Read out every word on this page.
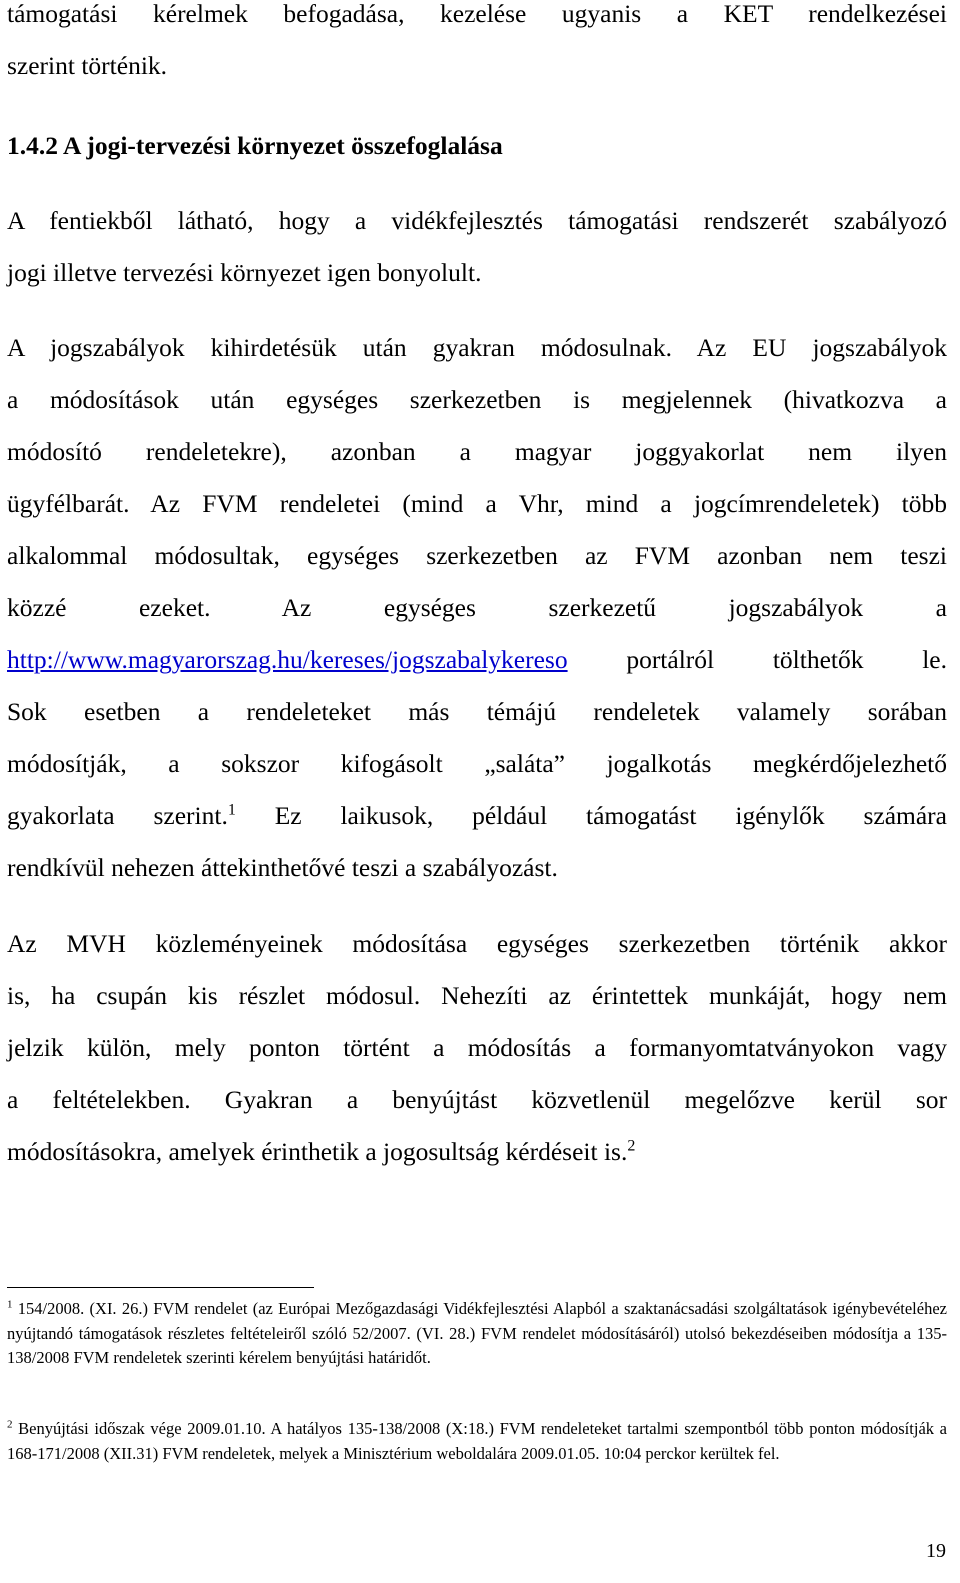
támogatási kérelmek befogadása, kezelése ugyanis a KET rendelkezései
szerint történik.
1.4.2 A jogi-tervezési környezet összefoglalása
A fentiekből látható, hogy a vidékfejlesztés támogatási rendszerét szabályozó
jogi illetve tervezési környezet igen bonyolult.
A jogszabályok kihirdetésük után gyakran módosulnak. Az EU jogszabályok
a módosítások után egységes szerkezetben is megjelennek (hivatkozva a
módosító rendeletekre), azonban a magyar joggyakorlat nem ilyen
ügyfélbarát. Az FVM rendeletei (mind a Vhr, mind a jogcímrendeletek) több
alkalommal módosultak, egységes szerkezetben az FVM azonban nem teszi
közzé ezeket. Az egységes szerkezetű jogszabályok a
http://www.magyarorszag.hu/kereses/jogszabalykereso portálról tölthetők le.
Sok esetben a rendeleteket más témájú rendeletek valamely sorában
módosítják, a sokszor kifogásolt „saláta” jogalkotás megkérdőjelezhető
gyakorlata szerint.$^1$ Ez laikusok, például támogatást igénylők számára
rendkívül nehezen áttekinthetővé teszi a szabályozást.
Az MVH közleményeinek módosítása egységes szerkezetben történik akkor
is, ha csupán kis részlet módosul. Nehezíti az érintettek munkáját, hogy nem
jelzik külön, mely ponton történt a módosítás a formanyomtatványokon vagy
a feltételekben. Gyakran a benyújtást közvetlenül megelőzve kerül sor
módosításokra, amelyek érinthetik a jogosultság kérdéseit is.$^2$
$^1$ 154/2008. (XI. 26.) FVM rendelet (az Európai Mezőgazdasági Vidékfejlesztési Alapból a szaktanácsadási szolgáltatások igénybevételéhez nyújtandó támogatások részletes feltételeiről szóló 52/2007. (VI. 28.) FVM rendelet módosításáról) utolsó bekezdéseiben módosítja a 135-138/2008 FVM rendeletek szerinti kérelem benyújtási határidőt.
$^2$ Benyújtási időszak vége 2009.01.10. A hatályos 135-138/2008 (X:18.) FVM rendeleteket tartalmi szempontból több ponton módosítják a 168-171/2008 (XII.31) FVM rendeletek, melyek a Minisztérium weboldalára 2009.01.05. 10:04 perckor kerültek fel.
19
